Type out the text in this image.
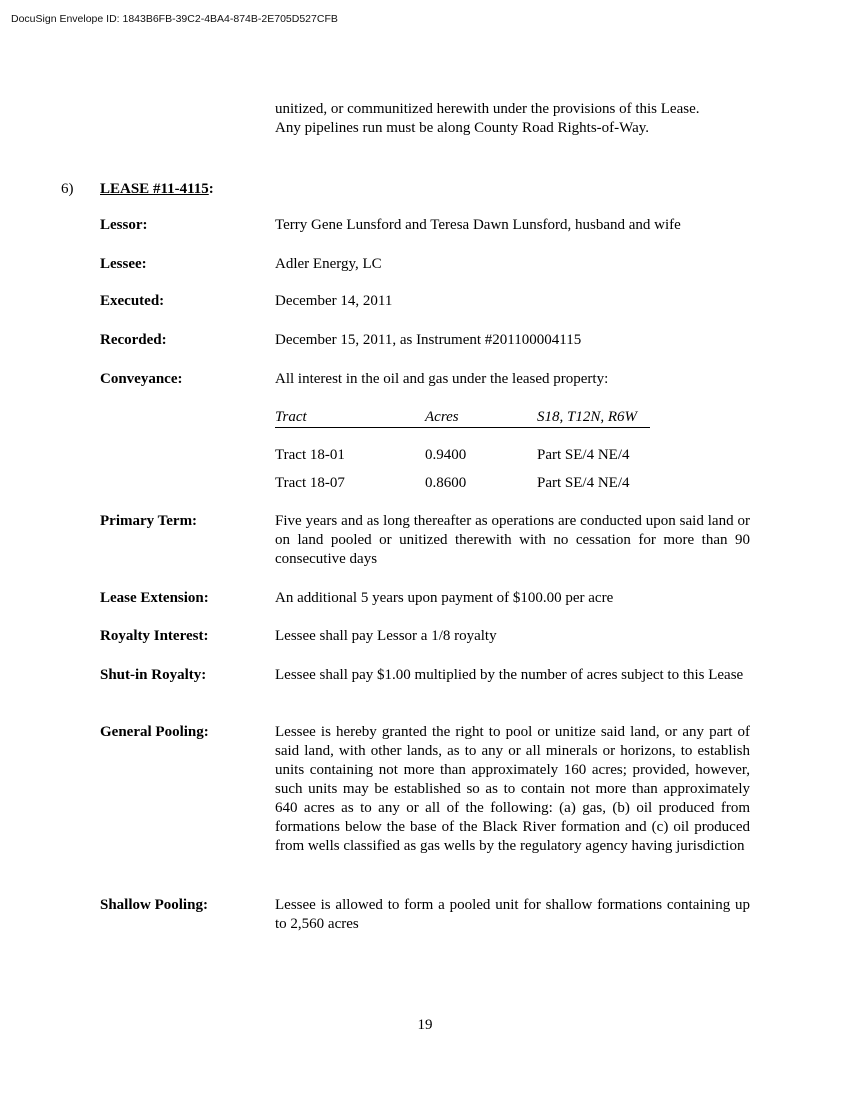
DocuSign Envelope ID: 1843B6FB-39C2-4BA4-874B-2E705D527CFB
unitized, or communitized herewith under the provisions of this Lease.
Any pipelines run must be along County Road Rights-of-Way.
6) LEASE #11-4115:
Lessor:	Terry Gene Lunsford and Teresa Dawn Lunsford, husband and wife
Lessee:	Adler Energy, LC
Executed:	December 14, 2011
Recorded:	December 15, 2011, as Instrument #201100004115
Conveyance:	All interest in the oil and gas under the leased property:
Tract	Acres	S18, T12N, R6W
Tract 18-01	0.9400	Part SE/4 NE/4
Tract 18-07	0.8600	Part SE/4 NE/4
Primary Term:	Five years and as long thereafter as operations are conducted upon said land or on land pooled or unitized therewith with no cessation for more than 90 consecutive days
Lease Extension:	An additional 5 years upon payment of $100.00 per acre
Royalty Interest:	Lessee shall pay Lessor a 1/8 royalty
Shut-in Royalty:	Lessee shall pay $1.00 multiplied by the number of acres subject to this Lease
General Pooling:	Lessee is hereby granted the right to pool or unitize said land, or any part of said land, with other lands, as to any or all minerals or horizons, to establish units containing not more than approximately 160 acres; provided, however, such units may be established so as to contain not more than approximately 640 acres as to any or all of the following: (a) gas, (b) oil produced from formations below the base of the Black River formation and (c) oil produced from wells classified as gas wells by the regulatory agency having jurisdiction
Shallow Pooling:	Lessee is allowed to form a pooled unit for shallow formations containing up to 2,560 acres
19
